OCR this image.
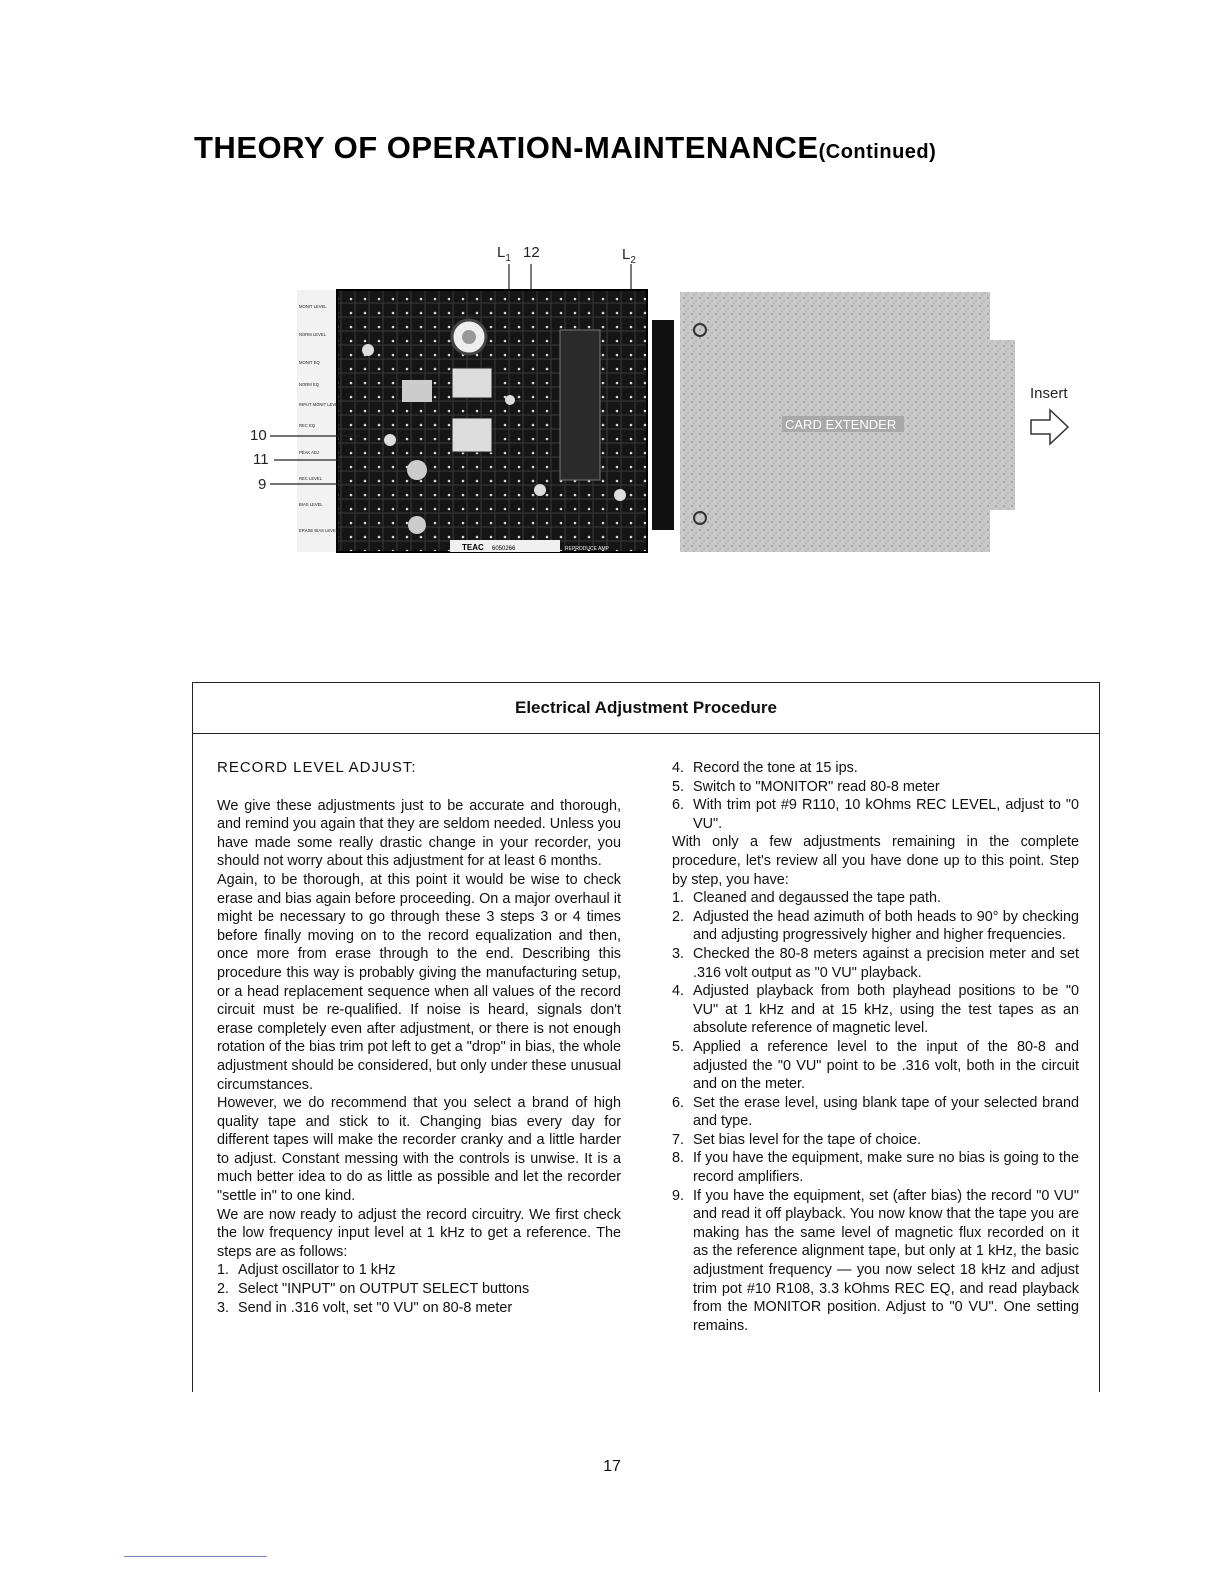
THEORY OF OPERATION-MAINTENANCE(Continued)
TEAC 6050266	REPRODUCE AMP
CARD EXTENDER
MONIT LEVEL
NORM LEVEL
MONIT EQ
NORM EQ
INPUT MONIT LEVEL
REC EQ
PEAK ADJ
REC LEVEL
BIAS LEVEL
ERASE BIAS LEVEL
$L_1$ 12	$L_2$
10
11
9
Insert
Electrical Adjustment Procedure

RECORD LEVEL ADJUST:

We give these adjustments just to be accurate and thorough, and remind you again that they are seldom needed. Unless you have made some really drastic change in your recorder, you should not worry about this adjustment for at least 6 months.

Again, to be thorough, at this point it would be wise to check erase and bias again before proceeding. On a major overhaul it might be necessary to go through these 3 steps 3 or 4 times before finally moving on to the record equalization and then, once more from erase through to the end. Describing this procedure this way is probably giving the manufacturing setup, or a head replacement sequence when all values of the record circuit must be re-qualified. If noise is heard, signals don't erase completely even after adjustment, or there is not enough rotation of the bias trim pot left to get a "drop" in bias, the whole adjustment should be considered, but only under these unusual circumstances.

However, we do recommend that you select a brand of high quality tape and stick to it. Changing bias every day for different tapes will make the recorder cranky and a little harder to adjust. Constant messing with the controls is unwise. It is a much better idea to do as little as possible and let the recorder "settle in" to one kind.

We are now ready to adjust the record circuitry. We first check the low frequency input level at 1 kHz to get a reference. The steps are as follows:

1. Adjust oscillator to 1 kHz
2. Select "INPUT" on OUTPUT SELECT buttons
3. Send in .316 volt, set "0 VU" on 80-8 meter
4. Record the tone at 15 ips.
5. Switch to "MONITOR" read 80-8 meter
6. With trim pot #9 R110, 10 kOhms REC LEVEL, adjust to "0 VU".

With only a few adjustments remaining in the complete procedure, let's review all you have done up to this point. Step by step, you have:

1. Cleaned and degaussed the tape path.
2. Adjusted the head azimuth of both heads to 90° by checking and adjusting progressively higher and higher frequencies.
3. Checked the 80-8 meters against a precision meter and set .316 volt output as "0 VU" playback.
4. Adjusted playback from both playhead positions to be "0 VU" at 1 kHz and at 15 kHz, using the test tapes as an absolute reference of magnetic level.
5. Applied a reference level to the input of the 80-8 and adjusted the "0 VU" point to be .316 volt, both in the circuit and on the meter.
6. Set the erase level, using blank tape of your selected brand and type.
7. Set bias level for the tape of choice.
8. If you have the equipment, make sure no bias is going to the record amplifiers.
9. If you have the equipment, set (after bias) the record "0 VU" and read it off playback. You now know that the tape you are making has the same level of magnetic flux recorded on it as the reference alignment tape, but only at 1 kHz, the basic adjustment frequency — you now select 18 kHz and adjust trim pot #10 R108, 3.3 kOhms REC EQ, and read playback from the MONITOR position. Adjust to "0 VU". One setting remains.
17
